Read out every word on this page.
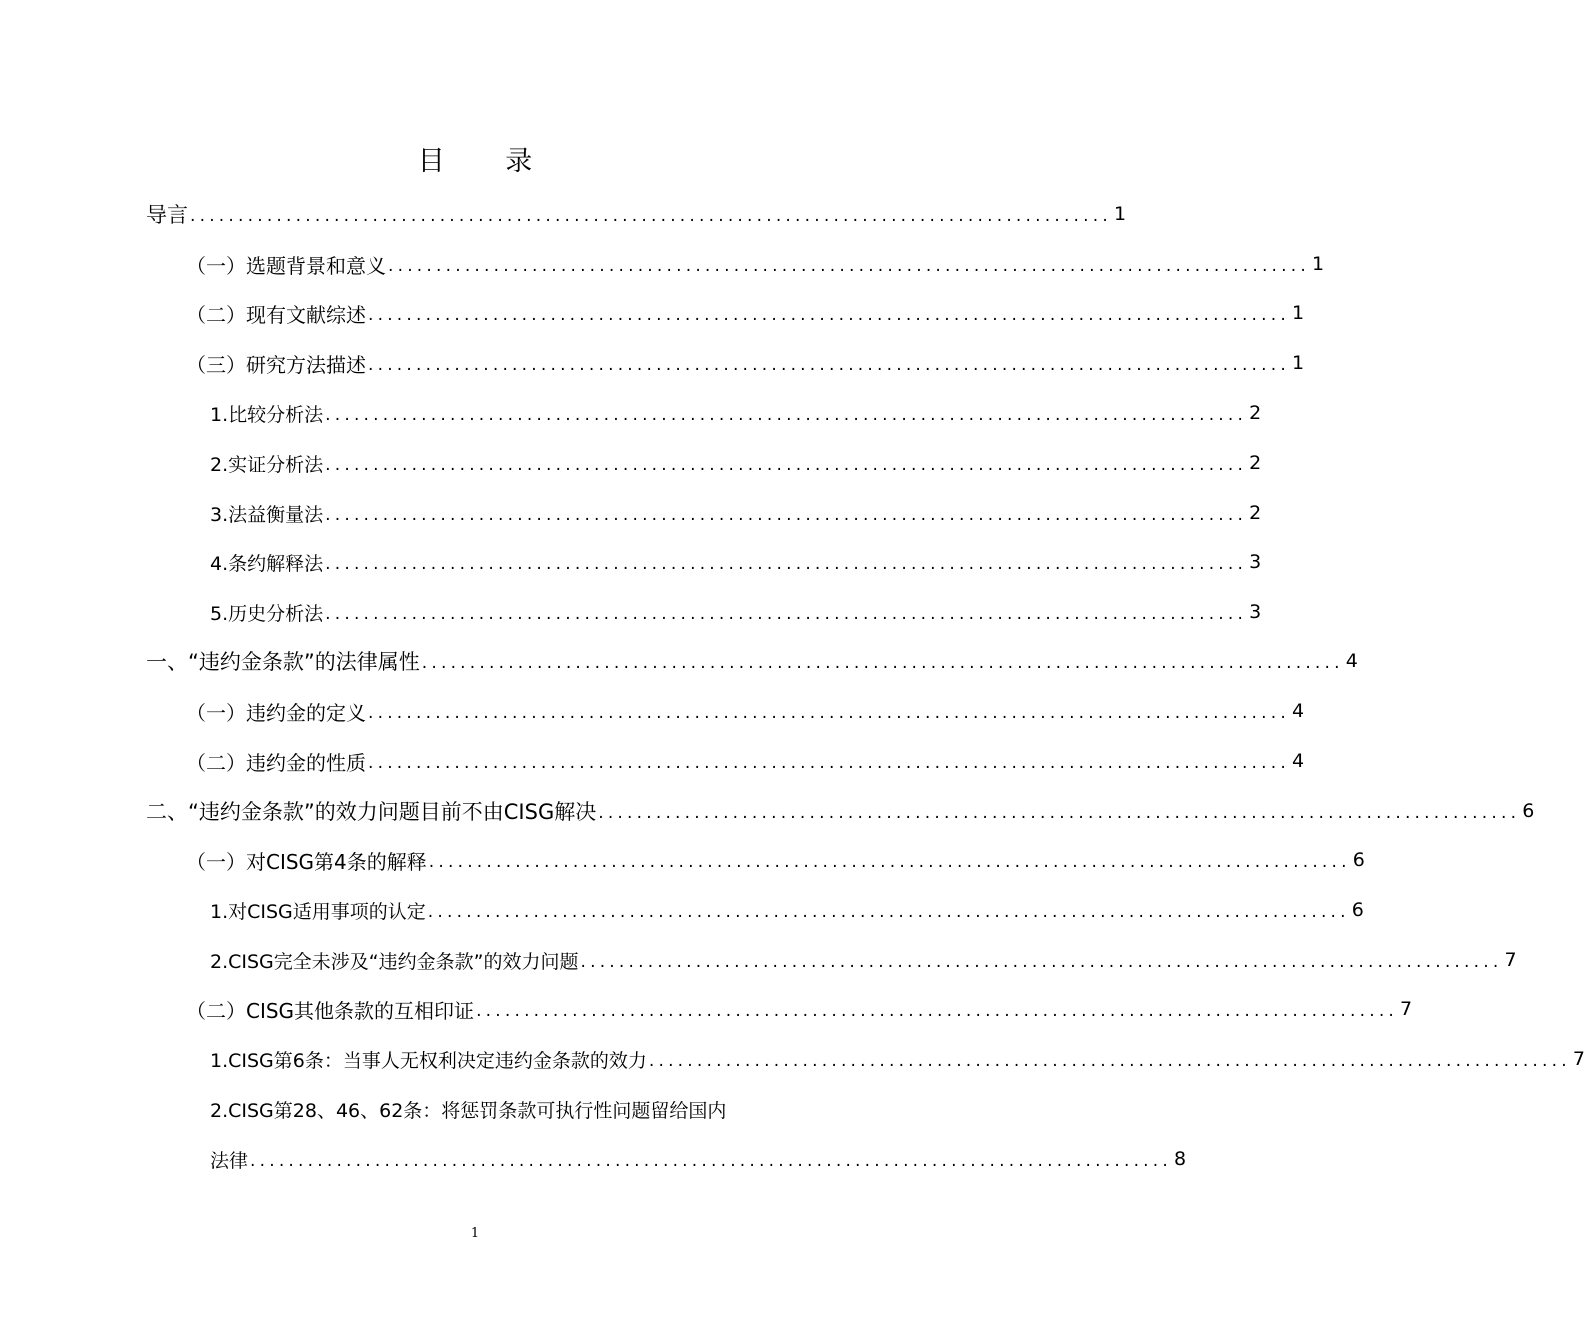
目 录
导言 ................................................................................................ 1
（一）选题背景和意义 ................................................................................................ 1
（二）现有文献综述 ................................................................................................ 1
（三）研究方法描述 ................................................................................................ 1
1.比较分析法 ................................................................................................ 2
2.实证分析法 ................................................................................................ 2
3.法益衡量法 ................................................................................................ 2
4.条约解释法 ................................................................................................ 3
5.历史分析法 ................................................................................................ 3
一、“违约金条款”的法律属性 ................................................................................................ 4
（一）违约金的定义 ................................................................................................ 4
（二）违约金的性质 ................................................................................................ 4
二、“违约金条款”的效力问题目前不由CISG解决 ................................................................................................ 6
（一）对CISG第4条的解释 ................................................................................................ 6
1.对CISG适用事项的认定 ................................................................................................ 6
2.CISG完全未涉及“违约金条款”的效力问题 ................................................................................................ 7
（二）CISG其他条款的互相印证 ................................................................................................ 7
1.CISG第6条：当事人无权利决定违约金条款的效力 ................................................................................................ 7
2.CISG第28、46、62条：将惩罚条款可执行性问题留给国内
法律 ................................................................................................ 8
1
